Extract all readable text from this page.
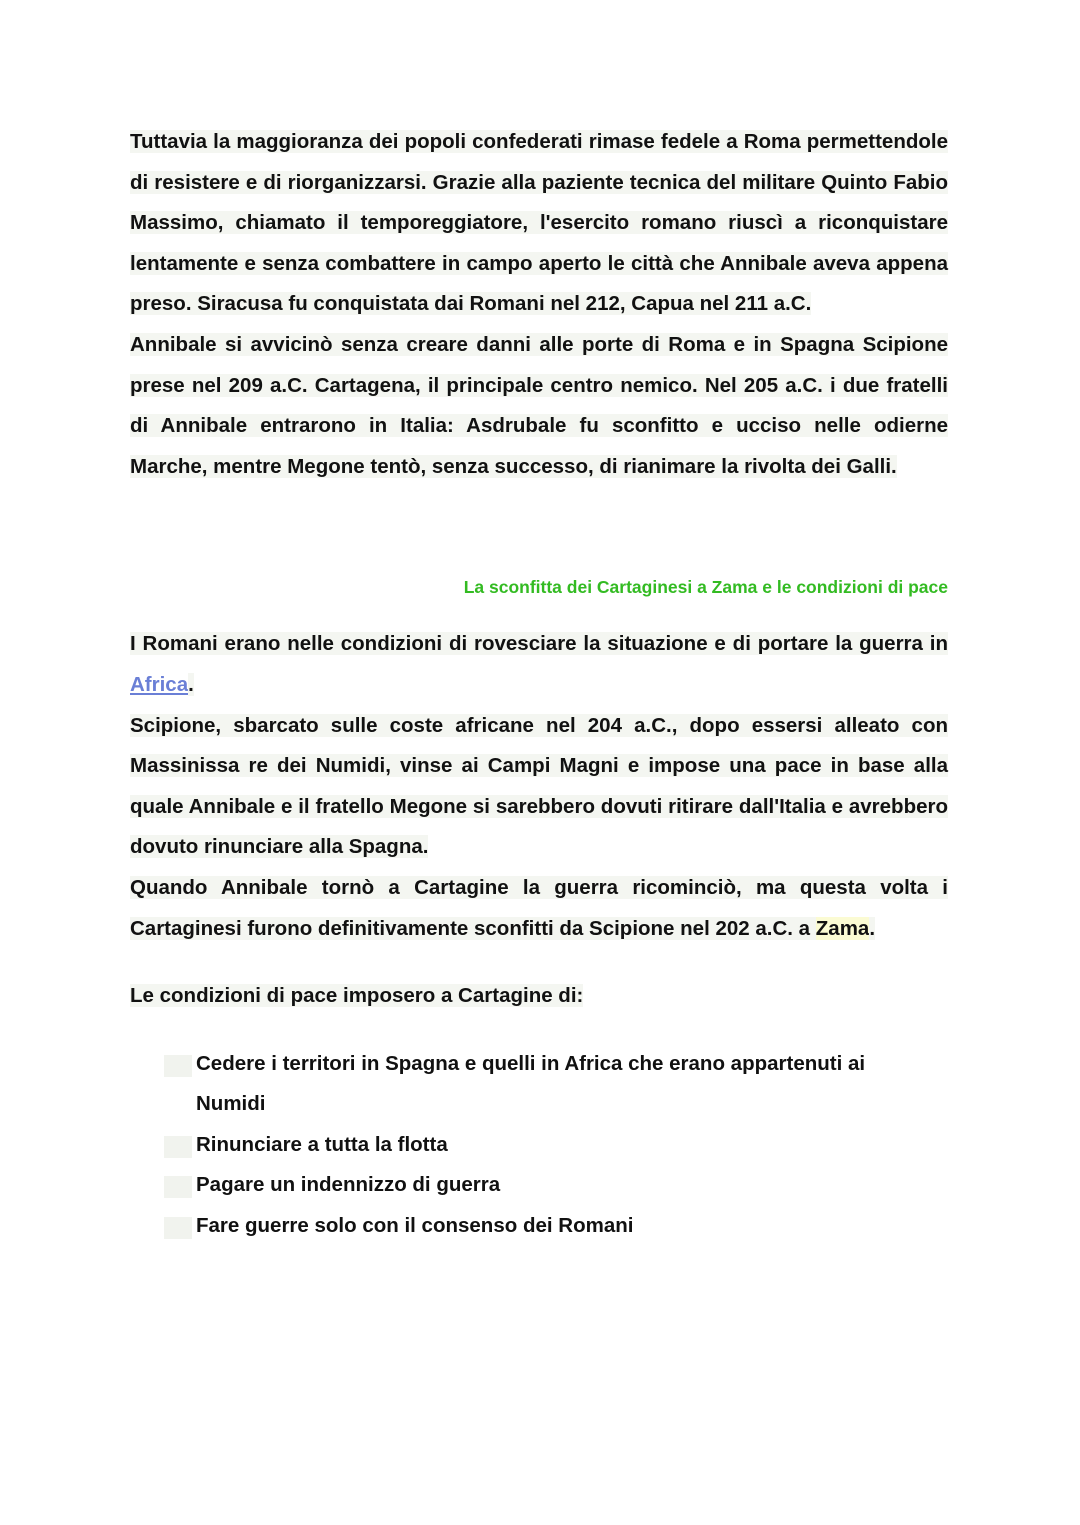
Tuttavia la maggioranza dei popoli confederati rimase fedele a Roma permettendole di resistere e di riorganizzarsi. Grazie alla paziente tecnica del militare Quinto Fabio Massimo, chiamato il temporeggiatore, l'esercito romano riuscì a riconquistare lentamente e senza combattere in campo aperto le città che Annibale aveva appena preso. Siracusa fu conquistata dai Romani nel 212, Capua nel 211 a.C.

Annibale si avvicinò senza creare danni alle porte di Roma e in Spagna Scipione prese nel 209 a.C. Cartagena, il principale centro nemico. Nel 205 a.C. i due fratelli di Annibale entrarono in Italia: Asdrubale fu sconfitto e ucciso nelle odierne Marche, mentre Megone tentò, senza successo, di rianimare la rivolta dei Galli.

La sconfitta dei Cartaginesi a Zama e le condizioni di pace

I Romani erano nelle condizioni di rovesciare la situazione e di portare la guerra in Africa.

Scipione, sbarcato sulle coste africane nel 204 a.C., dopo essersi alleato con Massinissa re dei Numidi, vinse ai Campi Magni e impose una pace in base alla quale Annibale e il fratello Megone si sarebbero dovuti ritirare dall'Italia e avrebbero dovuto rinunciare alla Spagna.

Quando Annibale tornò a Cartagine la guerra ricominciò, ma questa volta i Cartaginesi furono definitivamente sconfitti da Scipione nel 202 a.C. a Zama.

Le condizioni di pace imposero a Cartagine di:

Cedere i territori in Spagna e quelli in Africa che erano appartenuti ai Numidi
Rinunciare a tutta la flotta
Pagare un indennizzo di guerra
Fare guerre solo con il consenso dei Romani
